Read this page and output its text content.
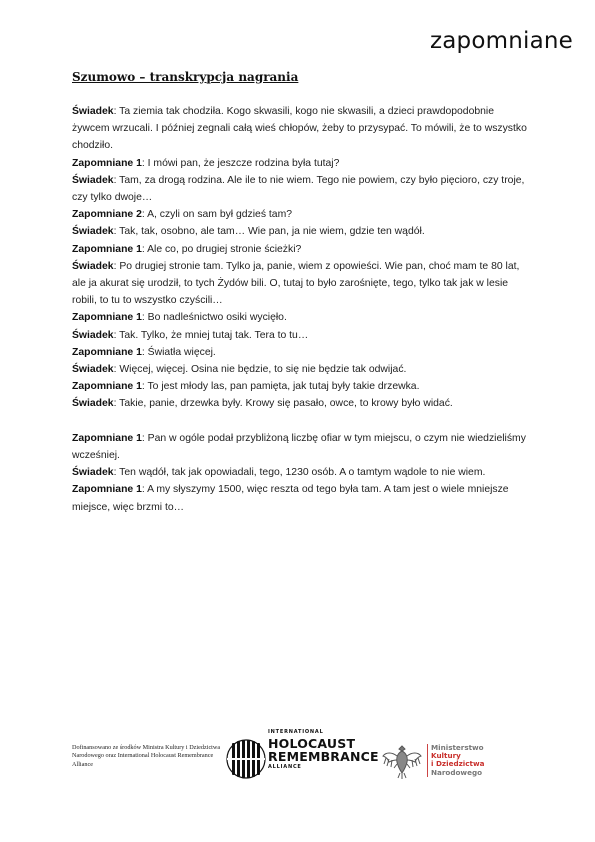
zapomniane
Szumowo – transkrypcja nagrania

Świadek: Ta ziemia tak chodziła. Kogo skwasili, kogo nie skwasili, a dzieci prawdopodobnie żywcem wrzucali. I później zegnali całą wieś chłopów, żeby to przysypać. To mówili, że to wszystko chodziło.

Zapomniane 1: I mówi pan, że jeszcze rodzina była tutaj?

Świadek: Tam, za drogą rodzina. Ale ile to nie wiem. Tego nie powiem, czy było pięcioro, czy troje, czy tylko dwoje…

Zapomniane 2: A, czyli on sam był gdzieś tam?

Świadek: Tak, tak, osobno, ale tam… Wie pan, ja nie wiem, gdzie ten wądół.

Zapomniane 1: Ale co, po drugiej stronie ścieżki?

Świadek: Po drugiej stronie tam. Tylko ja, panie, wiem z opowieści. Wie pan, choć mam te 80 lat, ale ja akurat się urodził, to tych Żydów bili. O, tutaj to było zarośnięte, tego, tylko tak jak w lesie robili, to tu to wszystko czyścili…

Zapomniane 1: Bo nadleśnictwo osiki wycięło.

Świadek: Tak. Tylko, że mniej tutaj tak. Tera to tu…

Zapomniane 1: Światła więcej.

Świadek: Więcej, więcej. Osina nie będzie, to się nie będzie tak odwijać.

Zapomniane 1: To jest młody las, pan pamięta, jak tutaj były takie drzewka.

Świadek: Takie, panie, drzewka były. Krowy się pasało, owce, to krowy było widać.

Zapomniane 1: Pan w ogóle podał przybliżoną liczbę ofiar w tym miejscu, o czym nie wiedzieliśmy wcześniej.

Świadek: Ten wądół, tak jak opowiadali, tego, 1230 osób. A o tamtym wądole to nie wiem.

Zapomniane 1: A my słyszymy 1500, więc reszta od tego była tam. A tam jest o wiele mniejsze miejsce, więc brzmi to…

Dofinansowano ze środków Ministra Kultury i Dziedzictwa Narodowego oraz International Holocaust Remembrance Alliance
INTERNATIONAL
HOLOCAUST
REMEMBRANCE
ALLIANCE
Ministerstwo
Kultury
i Dziedzictwa
Narodowego
